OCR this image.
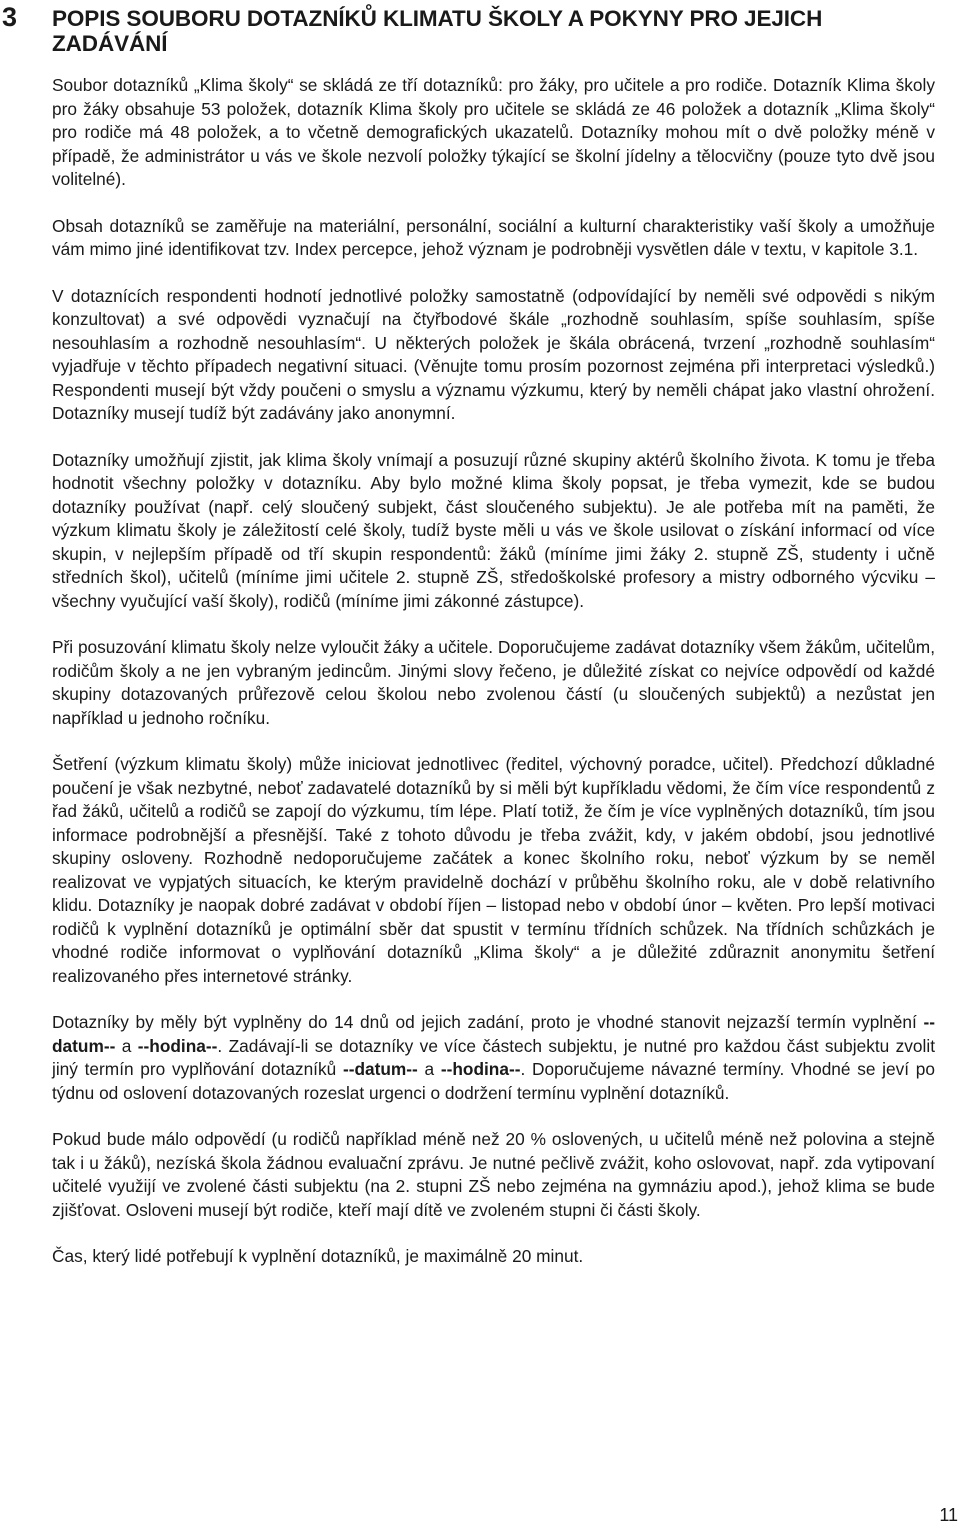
3 POPIS SOUBORU DOTAZNÍKŮ KLIMATU ŠKOLY A POKYNY PRO JEJICH ZADÁVÁNÍ

Soubor dotazníků „Klima školy“ se skládá ze tří dotazníků: pro žáky, pro učitele a pro rodiče. Dotazník Klima školy pro žáky obsahuje 53 položek, dotazník Klima školy pro učitele se skládá ze 46 položek a dotazník „Klima školy“ pro rodiče má 48 položek, a to včetně demografických ukazatelů. Dotazníky mohou mít o dvě položky méně v případě, že administrátor u vás ve škole nezvolí položky týkající se školní jídelny a tělocvičny (pouze tyto dvě jsou volitelné).

Obsah dotazníků se zaměřuje na materiální, personální, sociální a kulturní charakteristiky vaší školy a umožňuje vám mimo jiné identifikovat tzv. Index percepce, jehož význam je podrobněji vysvětlen dále v textu, v kapitole 3.1.

V dotaznících respondenti hodnotí jednotlivé položky samostatně (odpovídající by neměli své odpovědi s nikým konzultovat) a své odpovědi vyznačují na čtyřbodové škále „rozhodně souhlasím, spíše souhlasím, spíše nesouhlasím a rozhodně nesouhlasím“. U některých položek je škála obrácená, tvrzení „rozhodně souhlasím“ vyjadřuje v těchto případech negativní situaci. (Věnujte tomu prosím pozornost zejména při interpretaci výsledků.) Respondenti musejí být vždy poučeni o smyslu a významu výzkumu, který by neměli chápat jako vlastní ohrožení. Dotazníky musejí tudíž být zadávány jako anonymní.

Dotazníky umožňují zjistit, jak klima školy vnímají a posuzují různé skupiny aktérů školního života. K tomu je třeba hodnotit všechny položky v dotazníku. Aby bylo možné klima školy popsat, je třeba vymezit, kde se budou dotazníky používat (např. celý sloučený subjekt, část sloučeného subjektu). Je ale potřeba mít na paměti, že výzkum klimatu školy je záležitostí celé školy, tudíž byste měli u vás ve škole usilovat o získání informací od více skupin, v nejlepším případě od tří skupin respondentů: žáků (míníme jimi žáky 2. stupně ZŠ, studenty i učně středních škol), učitelů (míníme jimi učitele 2. stupně ZŠ, středoškolské profesory a mistry odborného výcviku – všechny vyučující vaší školy), rodičů (míníme jimi zákonné zástupce).

Při posuzování klimatu školy nelze vyloučit žáky a učitele. Doporučujeme zadávat dotazníky všem žákům, učitelům, rodičům školy a ne jen vybraným jedincům. Jinými slovy řečeno, je důležité získat co nejvíce odpovědí od každé skupiny dotazovaných průřezově celou školou nebo zvolenou částí (u sloučených subjektů) a nezůstat jen například u jednoho ročníku.

Šetření (výzkum klimatu školy) může iniciovat jednotlivec (ředitel, výchovný poradce, učitel). Předchozí důkladné poučení je však nezbytné, neboť zadavatelé dotazníků by si měli být kupříkladu vědomi, že čím více respondentů z řad žáků, učitelů a rodičů se zapojí do výzkumu, tím lépe. Platí totiž, že čím je více vyplněných dotazníků, tím jsou informace podrobnější a přesnější. Také z tohoto důvodu je třeba zvážit, kdy, v jakém období, jsou jednotlivé skupiny osloveny. Rozhodně nedoporučujeme začátek a konec školního roku, neboť výzkum by se neměl realizovat ve vypjatých situacích, ke kterým pravidelně dochází v průběhu školního roku, ale v době relativního klidu. Dotazníky je naopak dobré zadávat v období říjen – listopad nebo v období únor – květen. Pro lepší motivaci rodičů k vyplnění dotazníků je optimální sběr dat spustit v termínu třídních schůzek. Na třídních schůzkách je vhodné rodiče informovat o vyplňování dotazníků „Klima školy“ a je důležité zdůraznit anonymitu šetření realizovaného přes internetové stránky.

Dotazníky by měly být vyplněny do 14 dnů od jejich zadání, proto je vhodné stanovit nejzazší termín vyplnění --datum-- a --hodina--. Zadávají-li se dotazníky ve více částech subjektu, je nutné pro každou část subjektu zvolit jiný termín pro vyplňování dotazníků --datum-- a --hodina--. Doporučujeme návazné termíny. Vhodné se jeví po týdnu od oslovení dotazovaných rozeslat urgenci o dodržení termínu vyplnění dotazníků.

Pokud bude málo odpovědí (u rodičů například méně než 20 % oslovených, u učitelů méně než polovina a stejně tak i u žáků), nezíská škola žádnou evaluační zprávu. Je nutné pečlivě zvážit, koho oslovovat, např. zda vytipovaní učitelé využijí ve zvolené části subjektu (na 2. stupni ZŠ nebo zejména na gymnáziu apod.), jehož klima se bude zjišťovat. Osloveni musejí být rodiče, kteří mají dítě ve zvoleném stupni či části školy.

Čas, který lidé potřebují k vyplnění dotazníků, je maximálně 20 minut.

11
